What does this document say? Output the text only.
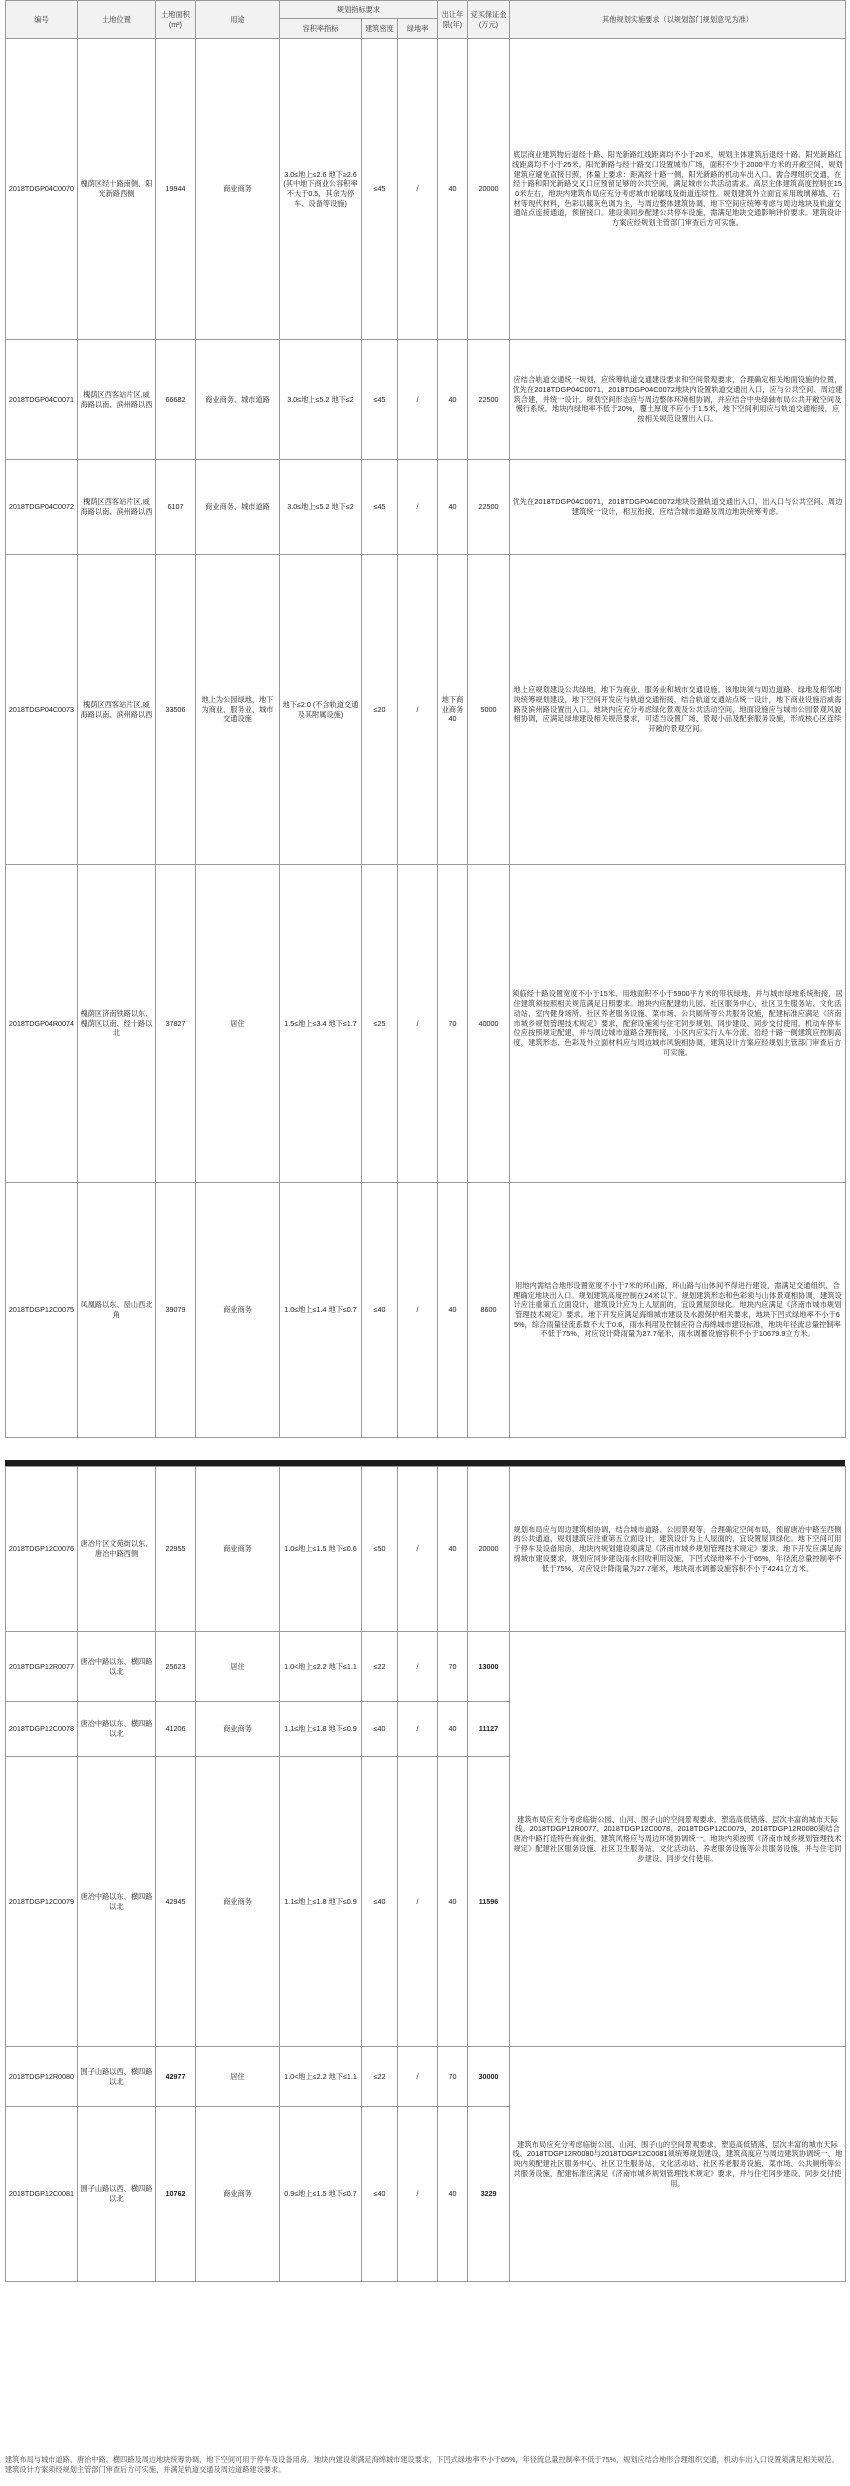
编号	土地位置	土地面积(m²)	用途	规划指标要求			出让年限(年)	竞买保证金(万元)	其他规划实施要求（以规划部门规划意见为准）
				容积率指标	建筑密度	绿地率			
2018TDGP04C0070	槐荫区经十路南侧、阳光新路西侧	19944	商业商务	3.0≤地上≤2.6 地下≥2.6 (其中地下商业公容积率不大于0.5，其余为停车、设备等设施)	≤45	/	40	20000	底层商业建筑物后退经十路、阳光新路红线距离均不小于20米，规划主体建筑后退经十路、阳光新路红线距离均不小于25米。阳光新路与经十路交口设置城市广场，面积不少于2000平方米的开敞空间，规划建筑应避免直接日照，体量上要求：距离经十路一侧、阳光新路的机动车出入口。需合理组织交通，在经十路和阳光新路交叉口应预留足够的公共空间，满足城市公共活动需求。高层主体建筑高度控制在150米左右，地块内建筑布局应充分考虑城市轮廓线及街道连续性。规划建筑外立面宜采用玻璃幕墙、石材等现代材料，色彩以暖灰色调为主，与周边整体建筑协调，地下空间应统筹考虑与周边地块及轨道交通站点连接通道，预留接口。建设须同步配建公共停车设施，需满足地块交通影响评价要求。建筑设计方案应经规划主管部门审查后方可实施。
2018TDGP04C0071	槐荫区西客站片区,威海路以南、滨州路以西	66682	商业商务、城市道路	3.0≤地上≤5.2 地下≤2	≤45	/	40	22500	应结合轨道交通统一规划，应统筹轨道交通建设要求和空间景观要求，合理确定相关地面设施的位置，优先在2018TDGP04C0071、2018TDGP04C0072地块内设置轨道交通出入口，应与公共空间、周边建筑合建，并统一设计。规划空间形态应与周边整体环境相协调，并应结合中央绿轴布局公共开敞空间及慢行系统。地块内绿地率不低于20%，覆土厚度不应小于1.5米，地下空间利用应与轨道交通衔接，应按相关规范设置出入口。
2018TDGP04C0072	槐荫区西客站片区,威海路以南、滨州路以西	6107	商业商务、城市道路	3.0≤地上≤5.2 地下≤2	≤45	/	40	22500	优先在2018TDGP04C0071、2018TDGP04C0072地块设置轨道交通出入口，出入口与公共空间、周边建筑统一设计，相互衔接，应结合城市道路及周边地块统筹考虑。
2018TDGP04C0073	槐荫区西客站片区,威海路以南、滨州路以西	33506	地上为公园绿地，地下为商业、服务业、城市交通设施	地下≤2.0 (不含轨道交通及其附属设施)	≤20	/	地下商业商务40	5000	地上应规划建设公共绿地，地下为商业、服务业和城市交通设施。该地块须与周边道路、绿地及相邻地块统筹规划建设，地下空间开发应与轨道交通衔接，结合轨道交通站点统一设计，地下商业设施沿威海路及滨州路设置出入口。地块内应充分考虑绿化景观及公共活动空间，地面设施应与城市公园景观风貌相协调，应满足绿地建设相关规范要求，可适当设置广场、景观小品及配套服务设施，形成核心区连续开敞的景观空间。
2018TDGP04R0074	槐荫区济南铁路以东、槐荫区以南、经十路以北	37827	居住	1.5≤地上≤3.4 地下≤1.7	≤25	/	70	40000	须临经十路设置宽度不小于15米、用地面积不小于5900平方米的带状绿地，并与城市绿地系统衔接，居住建筑须按照相关规范满足日照要求。地块内应配建幼儿园、社区服务中心、社区卫生服务站、文化活动站、室内健身场所、社区养老服务设施、菜市场、公共厕所等公共服务设施，配建标准应满足《济南市城乡规划管理技术规定》要求，配套设施须与住宅同步规划、同步建设、同步交付使用。机动车停车位应按照规定配建，并与周边城市道路合理衔接，小区内应实行人车分流，沿经十路一侧建筑应控制高度，建筑形态、色彩及外立面材料应与周边城市风貌相协调，建筑设计方案应经规划主管部门审查后方可实施。
2018TDGP12C0075	凤凰路以东、屋山西北角	39079	商业商务	1.0≤地上≤1.4 地下≤0.7	≤40	/	40	8600	用地内需结合地形设置宽度不小于7米的环山路，环山路与山体间不得进行建设，需满足交通组织、合理确定地块出入口。规划建筑高度控制在24米以下。规划建筑形态和色彩须与山体景观相协调，建筑设计应注重第五立面设计，建筑设计应为上人屋面的，宜设置屋顶绿化。地块内应满足《济南市城市规划管理技术规定》要求。地下开发应满足海绵城市建设及水源保护相关要求，地块下凹式绿地率不小于65%，综合雨量径流系数不大于0.6，雨水利用及控制应符合海绵城市建设标准，地块年径流总量控制率不低于75%，对应设计降雨量为27.7毫米，雨水调蓄设施容积不小于10679.9立方米。
2018TDGP12C0076	唐冶片区文苑街以东、唐冶中路西侧	22955	商业商务	1.0≤地上≤1.5 地下≤0.6	≤50	/	40	20000	规划布局应与周边建筑相协调，结合城市道路、公园景观等，合理确定空间布局，预留唐冶中路至西侧的公共通道，规划建筑应注重第五立面设计，建筑设计为上人屋面的，宜设置屋顶绿化。地下空间可用于停车及设备用房，地块内规划建设须满足《济南市城乡规划管理技术规定》要求。地下开发应满足海绵城市建设要求，规划应同步建设雨水回收利用设施，下凹式绿地率不小于65%，年径流总量控制率不低于75%，对应设计降雨量为27.7毫米，地块雨水调蓄设施容积不小于4241立方米。
2018TDGP12R0077	唐冶中路以东、横四路以北	25623	居住	1.0<地上≤2.2 地下≤1.1	≤22	/	70	13000	建筑布局应充分考虑临街公园、山河、围子山的空间景观要求，塑造高低错落、层次丰富的城市天际线。2018TDGP12R0077、2018TDGP12C0078、2018TDGP12C0079、2018TDGP12R0080须结合唐冶中路打造特色商业街，建筑风格应与周边环境协调统一。地块内须按照《济南市城乡规划管理技术规定》配建社区服务设施、社区卫生服务站、文化活动站、养老服务设施等公共服务设施，并与住宅同步建设、同步交付使用。
2018TDGP12C0078	唐冶中路以东、横四路以北	41206	商业商务	1.1≤地上≤1.8 地下≤0.9	≤40	/	40	11127	
2018TDGP12C0079	唐冶中路以东、横四路以北	42945	商业商务	1.1≤地上≤1.8 地下≤0.9	≤40	/	40	11596	
2018TDGP12R0080	围子山路以西、横四路以北	42977	居住	1.0<地上≤2.2 地下≤1.1	≤22	/	70	30000	建筑布局应充分考虑临街公园、山河、围子山的空间景观要求，塑造高低错落、层次丰富的城市天际线。2018TDGP12R0080与2018TDGP12C0081须统筹规划建设，建筑高度应与周边建筑协调统一，地块内须配建社区服务中心、社区卫生服务站、文化活动站、社区养老服务设施、菜市场、公共厕所等公共服务设施，配建标准应满足《济南市城乡规划管理技术规定》要求，并与住宅同步建设、同步交付使用。
2018TDGP12C0081	围子山路以西、横四路以北	10762	商业商务	0.9≤地上≤1.5 地下≤0.7	≤40	/	40	3229	

建筑布局与城市道路、唐冶中路、横四路及周边地块统筹协调，地下空间可用于停车及设备用房。地块内建设须满足海绵城市建设要求，下凹式绿地率不小于65%，年径流总量控制率不低于75%，规划应结合地形合理组织交通，机动车出入口设置须满足相关规范。建筑设计方案须经规划主管部门审查后方可实施，并满足轨道交通及周边道路建设要求。
